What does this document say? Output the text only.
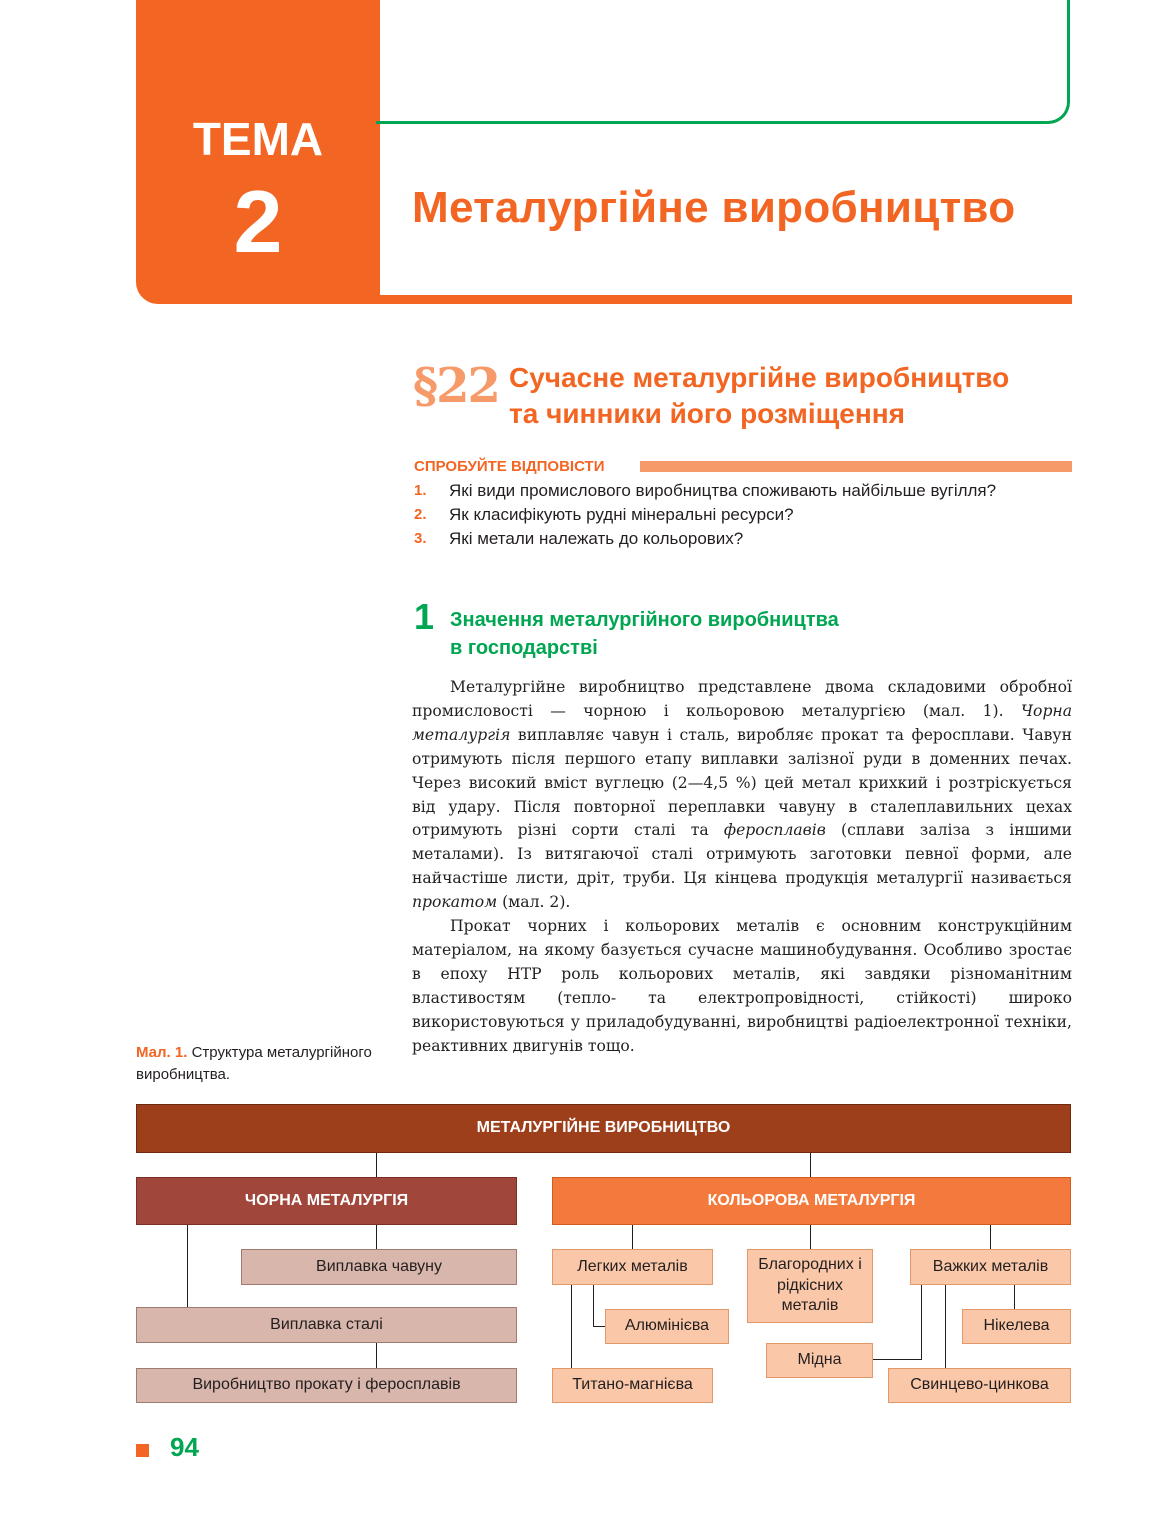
ТЕМА
2	Металургійне виробництво
§22 Сучасне металургійне виробництво
та чинники його розміщення
СПРОБУЙТЕ ВІДПОВІСТИ
1. Які види промислового виробництва споживають найбільше вугілля?
2. Як класифікують рудні мінеральні ресурси?
3. Які метали належать до кольорових?
1 Значення металургійного виробництва
в господарстві

Металургійне виробництво представлене двома складовими обробної промисловості — чорною і кольоровою металургією (мал. 1). Чорна металургія виплавляє чавун і сталь, виробляє прокат та феросплави. Чавун отримують після першого етапу виплавки залізної руди в доменних печах. Через високий вміст вуглецю (2—4,5 %) цей метал крихкий і розтріскується від удару. Після повторної переплавки чавуну в сталеплавильних цехах отримують різні сорти сталі та феросплавів (сплави заліза з іншими металами). Із витягаючої сталі отримують заготовки певної форми, але найчастіше листи, дріт, труби. Ця кінцева продукція металургії називається прокатом (мал. 2).

Прокат чорних і кольорових металів є основним конструкційним матеріалом, на якому базується сучасне машинобудування. Особливо зростає в епоху НТР роль кольорових металів, які завдяки різноманітним властивостям (тепло- та електропровідності, стійкості) широко використовуються у приладобудуванні, виробництві радіоелектронної техніки, реактивних двигунів тощо.

Мал. 1. Структура металургійного виробництва.
МЕТАЛУРГІЙНЕ ВИРОБНИЦТВО
ЧОРНА МЕТАЛУРГІЯ	КОЛЬОРОВА МЕТАЛУРГІЯ
Виплавка чавуну
Виплавка сталі
Виробництво прокату і феросплавів
Легких металів	Благородних і рідкісних металів
Важких металів
Алюмінієва
Титано-магнієва
Нікелева
Мідна
Свинцево-цинкова
94
